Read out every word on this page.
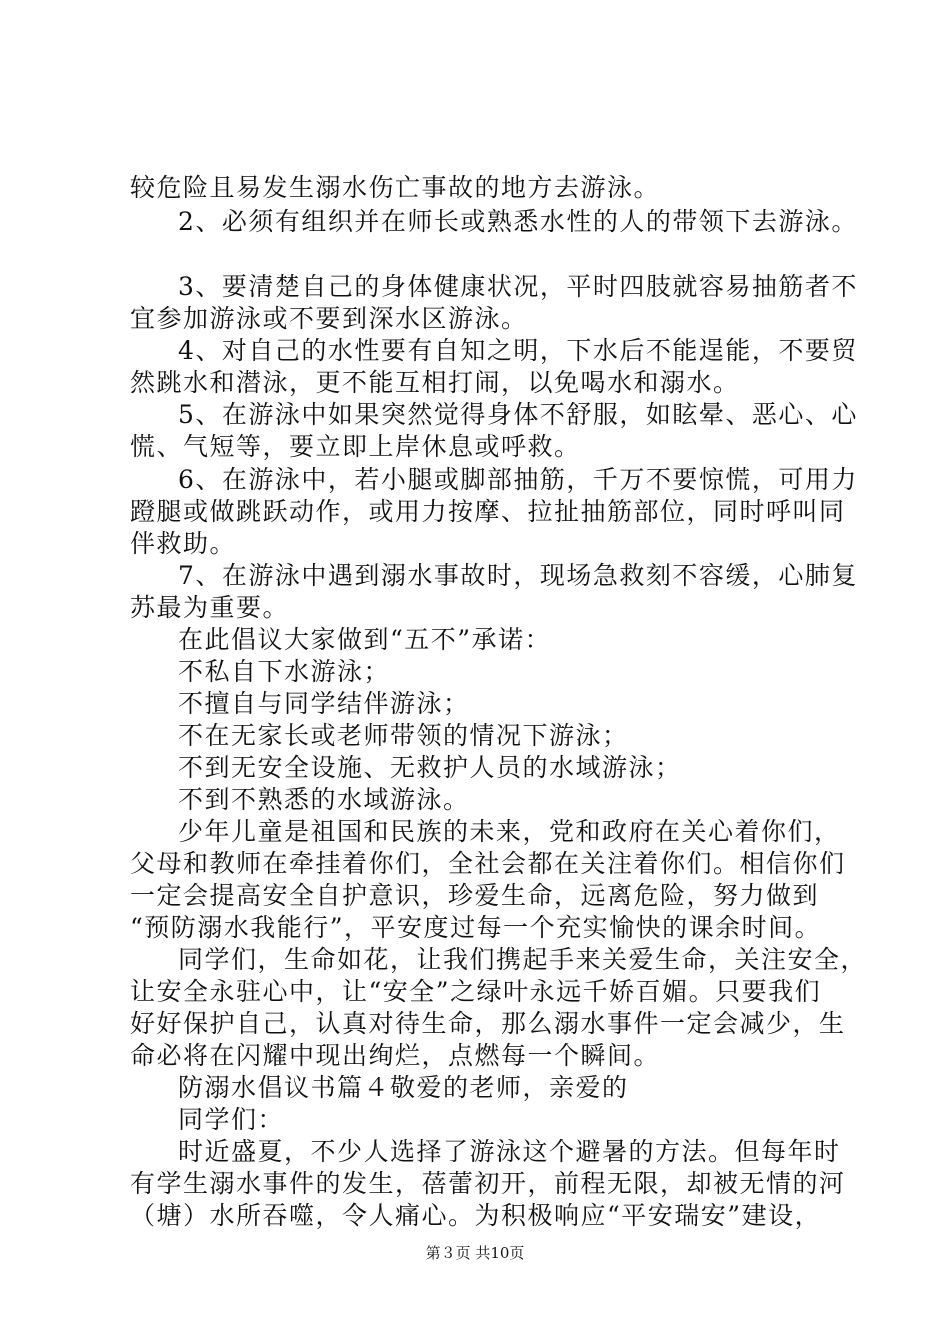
较危险且易发生溺水伤亡事故的地方去游泳。
2、必须有组织并在师长或熟悉水性的人的带领下去游泳。
3、要清楚自己的身体健康状况，平时四肢就容易抽筋者不
宜参加游泳或不要到深水区游泳。
4、对自己的水性要有自知之明，下水后不能逞能，不要贸
然跳水和潜泳，更不能互相打闹，以免喝水和溺水。
5、在游泳中如果突然觉得身体不舒服，如眩晕、恶心、心
慌、气短等，要立即上岸休息或呼救。
6、在游泳中，若小腿或脚部抽筋，千万不要惊慌，可用力
蹬腿或做跳跃动作，或用力按摩、拉扯抽筋部位，同时呼叫同
伴救助。
7、在游泳中遇到溺水事故时，现场急救刻不容缓，心肺复
苏最为重要。
在此倡议大家做到“五不”承诺：
不私自下水游泳；
不擅自与同学结伴游泳；
不在无家长或老师带领的情况下游泳；
不到无安全设施、无救护人员的水域游泳；
不到不熟悉的水域游泳。
少年儿童是祖国和民族的未来，党和政府在关心着你们，
父母和教师在牵挂着你们，全社会都在关注着你们。相信你们
一定会提高安全自护意识，珍爱生命，远离危险，努力做到
“预防溺水我能行”，平安度过每一个充实愉快的课余时间。
同学们，生命如花，让我们携起手来关爱生命，关注安全，
让安全永驻心中，让“安全”之绿叶永远千娇百媚。只要我们
好好保护自己，认真对待生命，那么溺水事件一定会减少，生
命必将在闪耀中现出绚烂，点燃每一个瞬间。
防溺水倡议书篇４敬爱的老师，亲爱的
同学们：
时近盛夏，不少人选择了游泳这个避暑的方法。但每年时
有学生溺水事件的发生，蓓蕾初开，前程无限，却被无情的河
（塘）水所吞噬，令人痛心。为积极响应“平安瑞安”建设，
第３页 共10页
